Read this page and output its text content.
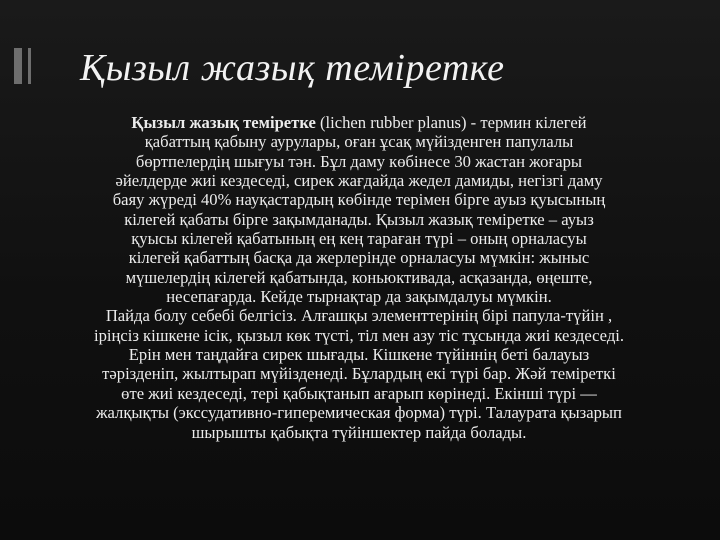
Қызыл жазық теміретке
Қызыл жазық теміретке (lichen rubber planus) - термин кілегей
қабаттың қабыну аурулары, оған ұсақ мүйізденген папулалы
бөртпелердің шығуы тән. Бұл даму көбінесе 30 жастан жоғары
әйелдерде жиі кездеседі, сирек жағдайда жедел дамиды, негізгі даму
баяу жүреді 40% науқастардың көбінде терімен бірге ауыз қуысының
кілегей қабаты бірге зақымданады. Қызыл жазық теміретке – ауыз
қуысы кілегей қабатының ең кең тараған түрі – оның орналасуы
кілегей қабаттың басқа да жерлерінде орналасуы мүмкін: жыныс
мүшелердің кілегей қабатында, коньюктивада, асқазанда, өңеште,
несепағарда. Кейде тырнақтар да зақымдалуы мүмкін.
Пайда болу себебі белгісіз. Алғашқы элементтерінің бірі папула-түйін ,
іріңсіз кішкене ісік, қызыл көк түсті, тіл мен азу тіс тұсында жиі кездеседі.
Ерін мен таңдайға сирек шығады. Кішкене түйіннің беті балауыз
тәрізденіп, жылтырап мүйізденеді. Бұлардың екі түрі бар. Жәй теміреткі
өте жиі кездеседі, тері қабықтанып ағарып көрінеді. Екінші түрі —
жалқықты (экссудативно-гиперемическая форма) түрі. Талаурата қызарып
шырышты қабықта түйіншектер пайда болады.
